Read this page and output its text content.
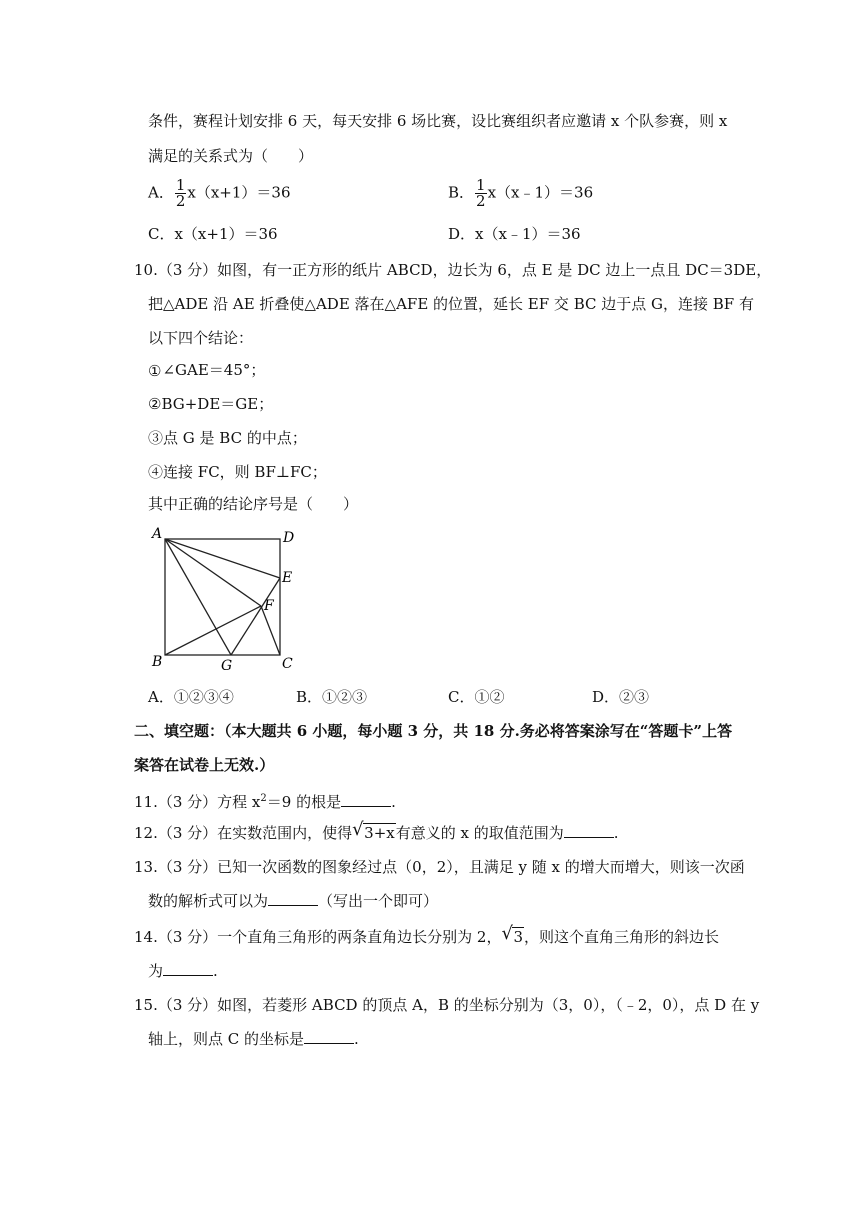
条件，赛程计划安排 6 天，每天安排 6 场比赛，设比赛组织者应邀请 x 个队参赛，则 x
满足的关系式为（　　）
A． $\frac{1}{2} x(x+1)=36$	B． $\frac{1}{2}$ x（x﹣1）＝36
C．x（x+1）＝36	D．x（x﹣1）＝36
10.（3 分）如图，有一正方形的纸片 ABCD，边长为 6，点 E 是 DC 边上一点且 DC＝3DE，
把△ADE 沿 AE 折叠使△ADE 落在△AFE 的位置，延长 EF 交 BC 边于点 G，连接 BF 有
以下四个结论：
①∠GAE＝45°；
②BG+DE＝GE；
③点 G 是 BC 的中点；
④连接 FC，则 BF⊥FC；
其中正确的结论序号是（　　）
A	D
E
F
B	G	C
A．①②③④	B．①②③	C．①②	D．②③
二、填空题：（本大题共 6 小题，每小题 3 分，共 18 分.务必将答案涂写在“答题卡”上答
案答在试卷上无效.）
11.（3 分）方程 $x^2=9$ 的根是	.
12.（3 分）在实数范围内，使得 √ 3+x有意义的 x 的取值范围为	.
13.（3 分）已知一次函数的图象经过点（0，2），且满足 y 随 x 的增大而增大，则该一次函
数的解析式可以为	（写出一个即可）
14.（3 分）一个直角三角形的两条直角边长分别为 2， √ 3，则这个直角三角形的斜边长
为	.
15.（3 分）如图，若菱形 ABCD 的顶点 A，B 的坐标分别为（3，0），（﹣2，0），点 D 在 y
轴上，则点 C 的坐标是	.
